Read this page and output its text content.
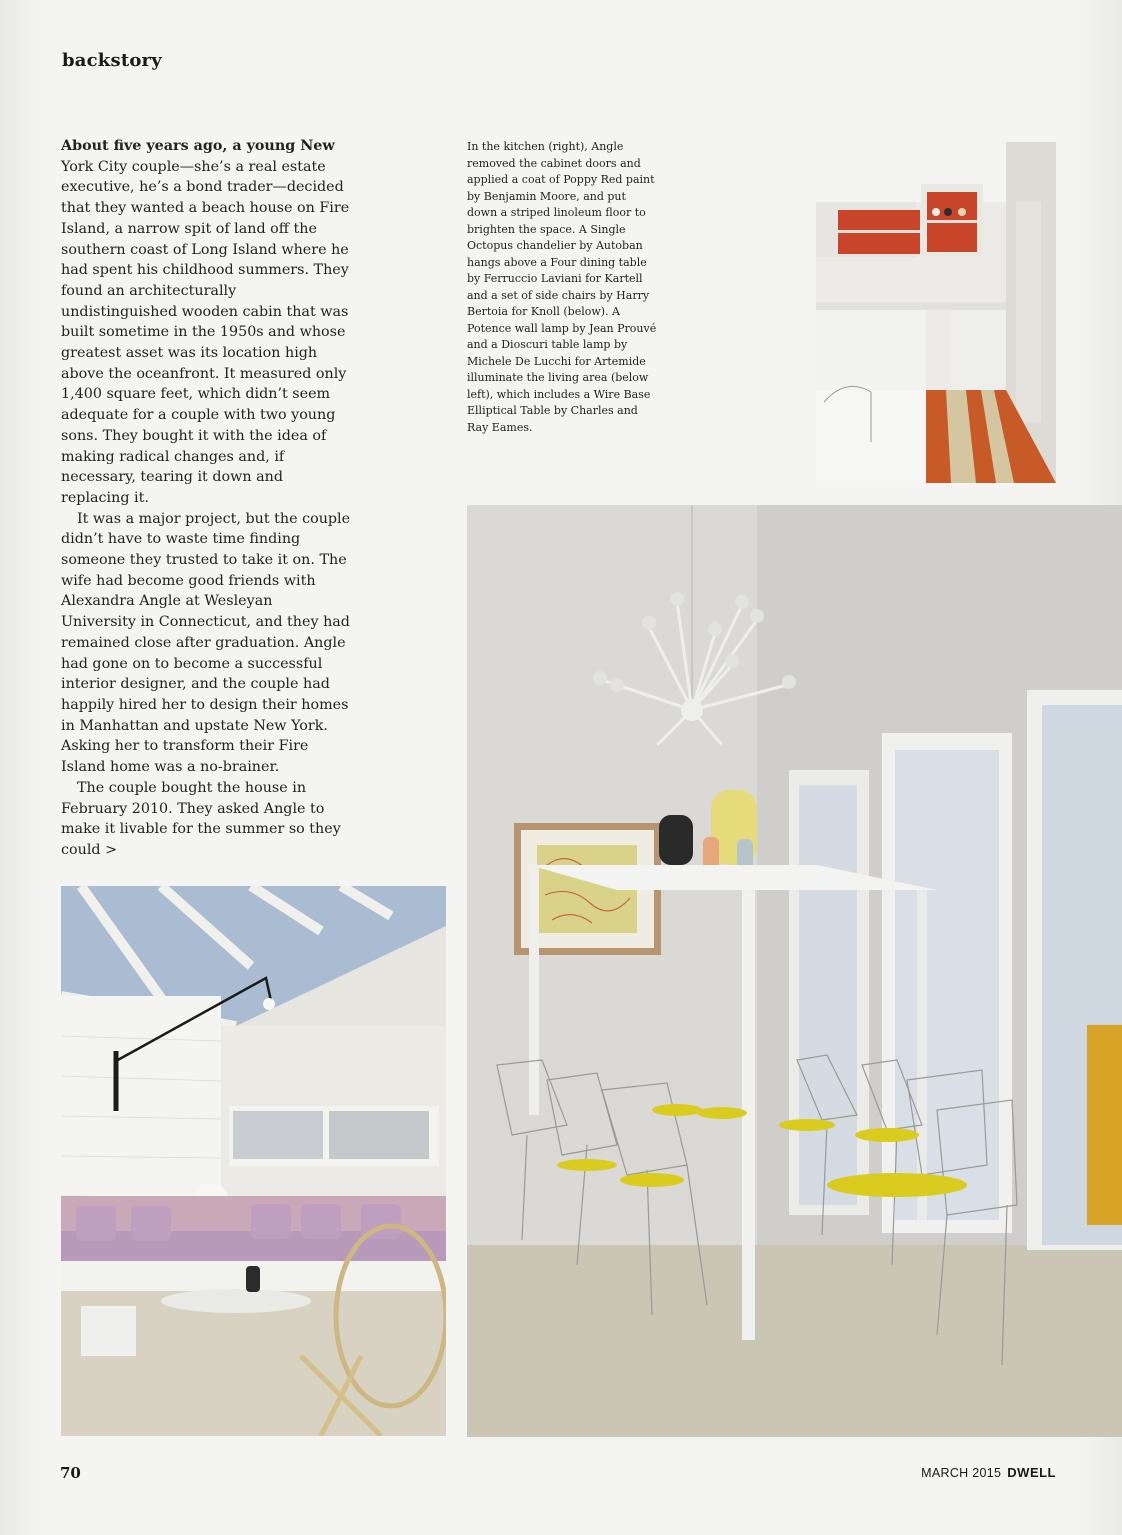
backstory

About five years ago, a young New York City couple—she’s a real estate executive, he’s a bond trader—decided that they wanted a beach house on Fire Island, a narrow spit of land off the southern coast of Long Island where he had spent his childhood summers. They found an architecturally undistinguished wooden cabin that was built sometime in the 1950s and whose greatest asset was its location high above the oceanfront. It measured only 1,400 square feet, which didn’t seem adequate for a couple with two young sons. They bought it with the idea of making radical changes and, if necessary, tearing it down and replacing it.

It was a major project, but the couple didn’t have to waste time finding someone they trusted to take it on. The wife had become good friends with Alexandra Angle at Wesleyan University in Connecticut, and they had remained close after graduation. Angle had gone on to become a successful interior designer, and the couple had happily hired her to design their homes in Manhattan and upstate New York. Asking her to transform their Fire Island home was a no-brainer.

The couple bought the house in February 2010. They asked Angle to make it livable for the summer so they could >

In the kitchen (right), Angle removed the cabinet doors and applied a coat of Poppy Red paint by Benjamin Moore, and put down a striped linoleum floor to brighten the space. A Single Octopus chandelier by Autoban hangs above a Four dining table by Ferruccio Laviani for Kartell and a set of side chairs by Harry Bertoia for Knoll (below). A Potence wall lamp by Jean Prouvé and a Dioscuri table lamp by Michele De Lucchi for Artemide illuminate the living area (below left), which includes a Wire Base Elliptical Table by Charles and Ray Eames.
70	MARCH 2015 DWELL
